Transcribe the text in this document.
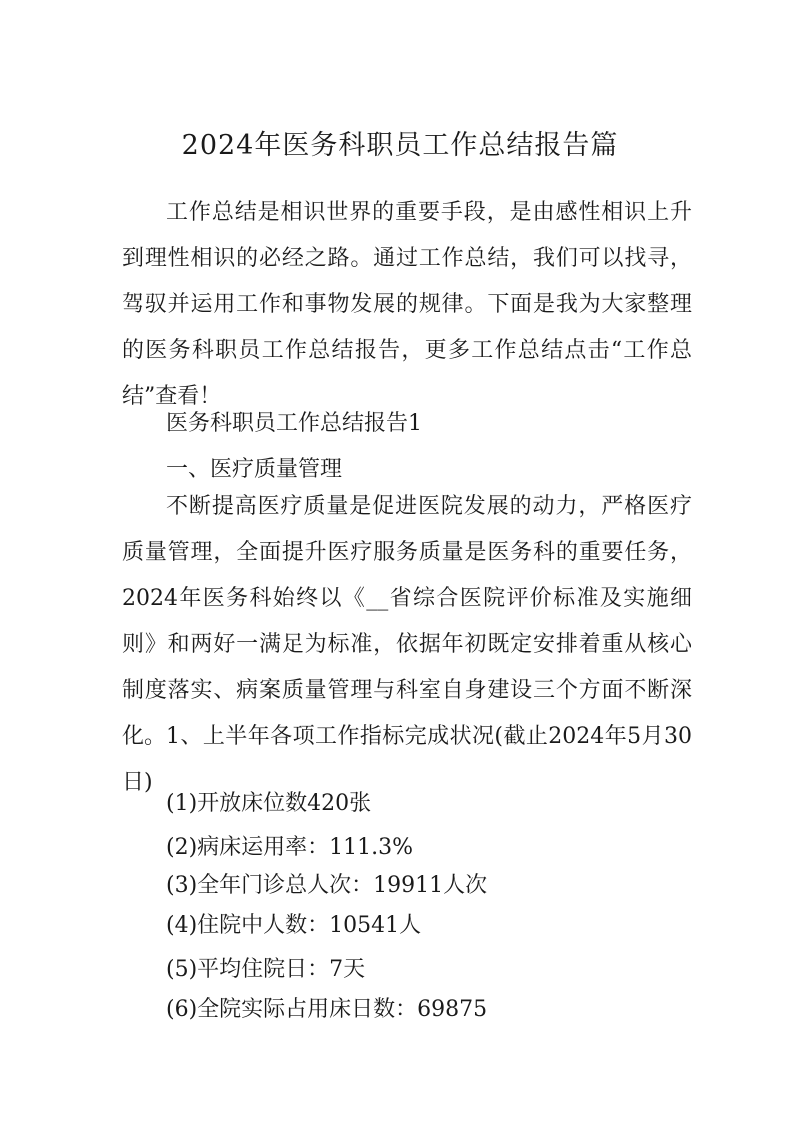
2024年医务科职员工作总结报告篇

工作总结是相识世界的重要手段，是由感性相识上升到理性相识的必经之路。通过工作总结，我们可以找寻，驾驭并运用工作和事物发展的规律。下面是我为大家整理的医务科职员工作总结报告，更多工作总结点击“工作总结”查看！

医务科职员工作总结报告1

一、医疗质量管理

不断提高医疗质量是促进医院发展的动力，严格医疗质量管理，全面提升医疗服务质量是医务科的重要任务，2024年医务科始终以《__省综合医院评价标准及实施细则》和两好一满足为标准，依据年初既定安排着重从核心制度落实、病案质量管理与科室自身建设三个方面不断深化。 1、上半年各项工作指标完成状况(截止2024年5月30日)

(1)开放床位数420张

(2)病床运用率：111.3%

(3)全年门诊总人次：19911人次

(4)住院中人数：10541人

(5)平均住院日：7天

(6)全院实际占用床日数：69875
